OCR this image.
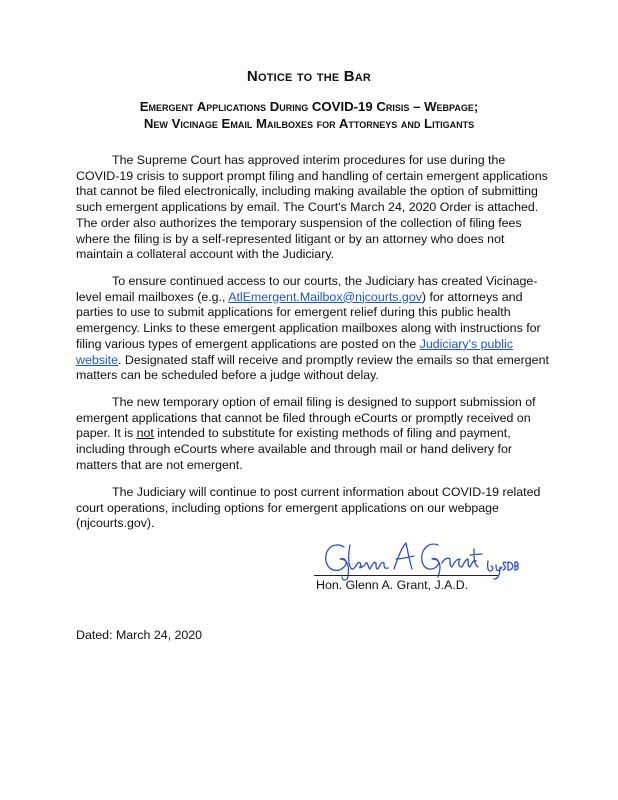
Notice to the Bar
Emergent Applications During COVID-19 Crisis – Webpage;
New Vicinage Email Mailboxes for Attorneys and Litigants

The Supreme Court has approved interim procedures for use during the COVID-19 crisis to support prompt filing and handling of certain emergent applications that cannot be filed electronically, including making available the option of submitting such emergent applications by email. The Court's March 24, 2020 Order is attached. The order also authorizes the temporary suspension of the collection of filing fees where the filing is by a self-represented litigant or by an attorney who does not maintain a collateral account with the Judiciary.

To ensure continued access to our courts, the Judiciary has created Vicinage-level email mailboxes (e.g., AtlEmergent.Mailbox@njcourts.gov) for attorneys and parties to use to submit applications for emergent relief during this public health emergency. Links to these emergent application mailboxes along with instructions for filing various types of emergent applications are posted on the Judiciary's public website. Designated staff will receive and promptly review the emails so that emergent matters can be scheduled before a judge without delay.

The new temporary option of email filing is designed to support submission of emergent applications that cannot be filed through eCourts or promptly received on paper. It is not intended to substitute for existing methods of filing and payment, including through eCourts where available and through mail or hand delivery for matters that are not emergent.

The Judiciary will continue to post current information about COVID-19 related court operations, including options for emergent applications on our webpage (njcourts.gov).

Hon. Glenn A. Grant, J.A.D.
Dated: March 24, 2020
